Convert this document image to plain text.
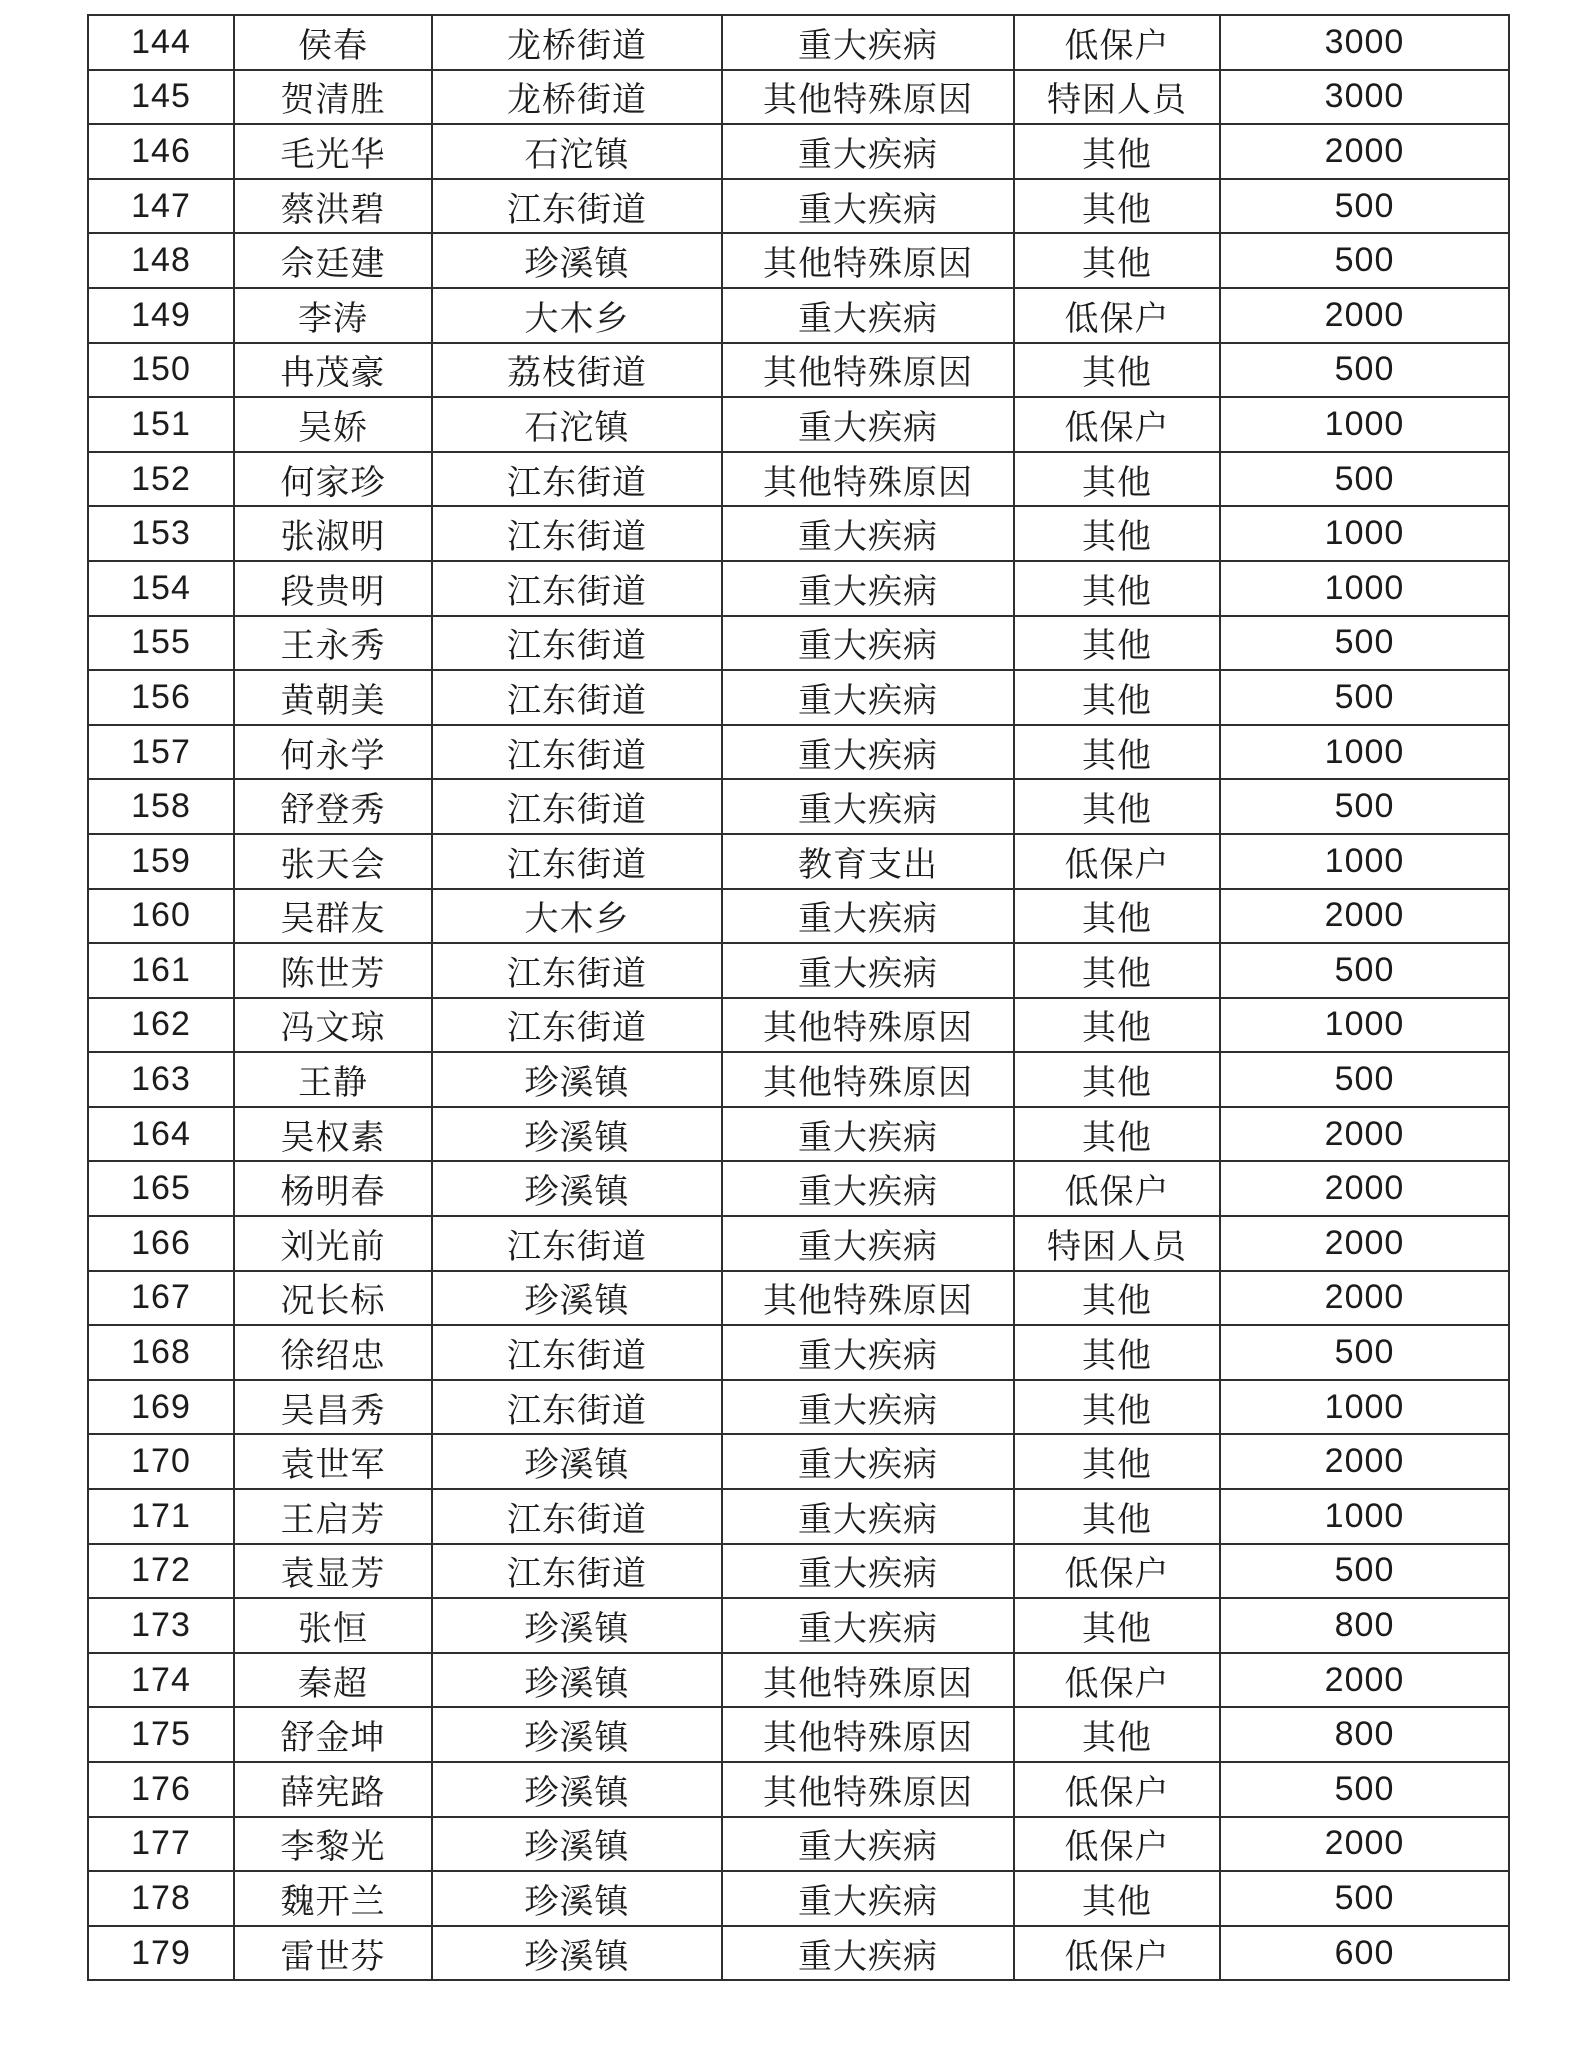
144	侯春	龙桥街道	重大疾病	低保户	3000
145	贺清胜	龙桥街道	其他特殊原因	特困人员	3000
146	毛光华	石沱镇	重大疾病	其他	2000
147	蔡洪碧	江东街道	重大疾病	其他	500
148	佘廷建	珍溪镇	其他特殊原因	其他	500
149	李涛	大木乡	重大疾病	低保户	2000
150	冉茂豪	荔枝街道	其他特殊原因	其他	500
151	吴娇	石沱镇	重大疾病	低保户	1000
152	何家珍	江东街道	其他特殊原因	其他	500
153	张淑明	江东街道	重大疾病	其他	1000
154	段贵明	江东街道	重大疾病	其他	1000
155	王永秀	江东街道	重大疾病	其他	500
156	黄朝美	江东街道	重大疾病	其他	500
157	何永学	江东街道	重大疾病	其他	1000
158	舒登秀	江东街道	重大疾病	其他	500
159	张天会	江东街道	教育支出	低保户	1000
160	吴群友	大木乡	重大疾病	其他	2000
161	陈世芳	江东街道	重大疾病	其他	500
162	冯文琼	江东街道	其他特殊原因	其他	1000
163	王静	珍溪镇	其他特殊原因	其他	500
164	吴权素	珍溪镇	重大疾病	其他	2000
165	杨明春	珍溪镇	重大疾病	低保户	2000
166	刘光前	江东街道	重大疾病	特困人员	2000
167	况长标	珍溪镇	其他特殊原因	其他	2000
168	徐绍忠	江东街道	重大疾病	其他	500
169	吴昌秀	江东街道	重大疾病	其他	1000
170	袁世军	珍溪镇	重大疾病	其他	2000
171	王启芳	江东街道	重大疾病	其他	1000
172	袁显芳	江东街道	重大疾病	低保户	500
173	张恒	珍溪镇	重大疾病	其他	800
174	秦超	珍溪镇	其他特殊原因	低保户	2000
175	舒金坤	珍溪镇	其他特殊原因	其他	800
176	薛宪路	珍溪镇	其他特殊原因	低保户	500
177	李黎光	珍溪镇	重大疾病	低保户	2000
178	魏开兰	珍溪镇	重大疾病	其他	500
179	雷世芬	珍溪镇	重大疾病	低保户	600
